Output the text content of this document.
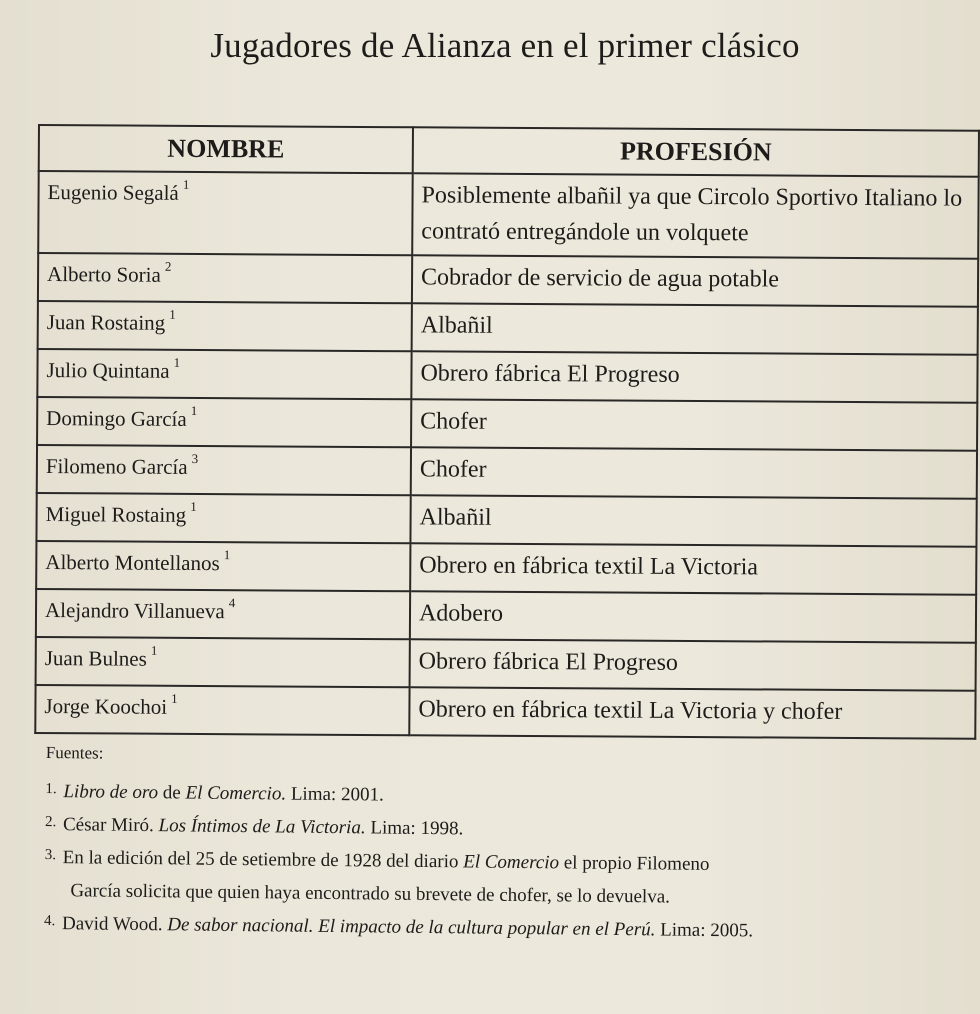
Jugadores de Alianza en el primer clásico
NOMBRE	PROFESIÓN
Eugenio Segalá $^1$	Posiblemente albañil ya que Circolo Sportivo Italiano lo contrató entregándole un volquete
Alberto Soria $^2$	Cobrador de servicio de agua potable
Juan Rostaing $^1$	Albañil
Julio Quintana $^1$	Obrero fábrica El Progreso
Domingo García $^1$	Chofer
Filomeno García $^3$	Chofer
Miguel Rostaing $^1$	Albañil
Alberto Montellanos $^1$	Obrero en fábrica textil La Victoria
Alejandro Villanueva $^4$	Adobero
Juan Bulnes $^1$	Obrero fábrica El Progreso
Jorge Koochoi $^1$	Obrero en fábrica textil La Victoria y chofer
Fuentes:
$^{1.}$ Libro de oro de El Comercio. Lima: 2001.
$^{2.}$ César Miró. Los Íntimos de La Victoria. Lima: 1998.
$^{3.}$ En la edición del 25 de setiembre de 1928 del diario El Comercio el propio Filomeno
García solicita que quien haya encontrado su brevete de chofer, se lo devuelva.
$^{4.}$ David Wood. De sabor nacional. El impacto de la cultura popular en el Perú. Lima: 2005.
